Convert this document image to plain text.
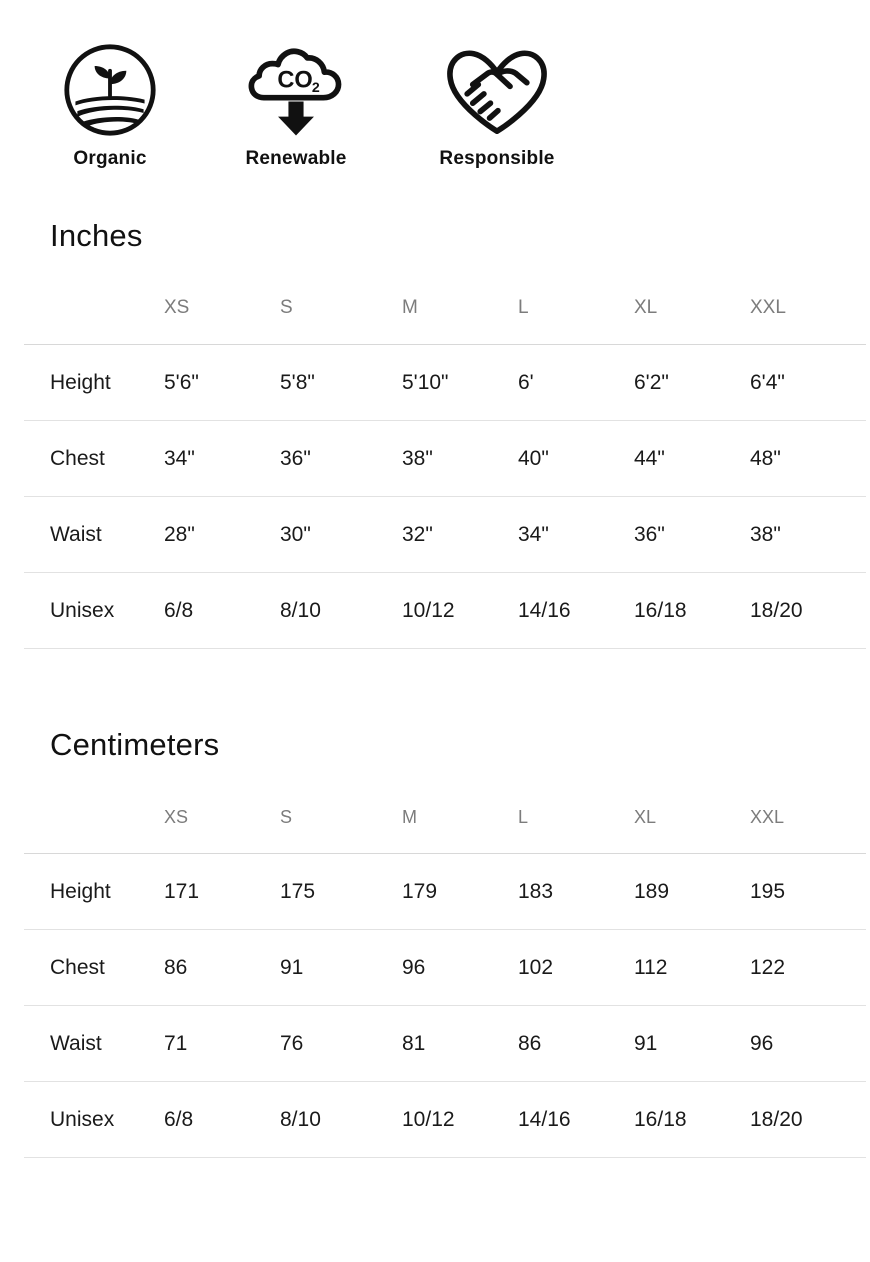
Organic
CO 2
Renewable	Responsible
Inches
	XS	S	M	L	XL	XXL
Height	5'6"	5'8"	5'10"	6'	6'2"	6'4"
Chest	34"	36"	38"	40"	44"	48"
Waist	28"	30"	32"	34"	36"	38"
Unisex	6/8	8/10	10/12	14/16	16/18	18/20
Centimeters
	XS	S	M	L	XL	XXL
Height	171	175	179	183	189	195
Chest	86	91	96	102	112	122
Waist	71	76	81	86	91	96
Unisex	6/8	8/10	10/12	14/16	16/18	18/20
